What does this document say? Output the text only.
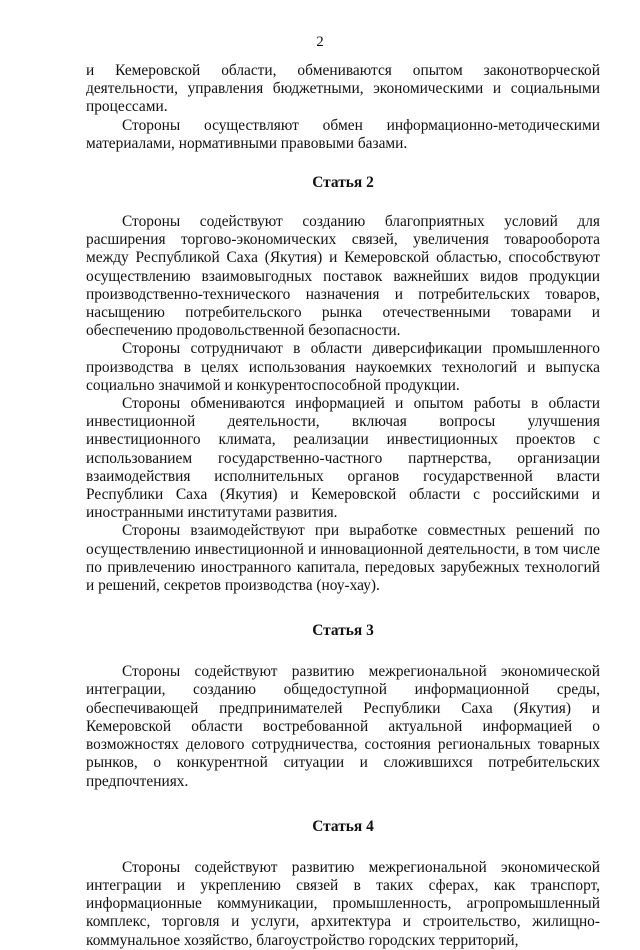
2

и Кемеровской области, обмениваются опытом законотворческой деятельности, управления бюджетными, экономическими и социальными процессами.

Стороны осуществляют обмен информационно-методическими материалами, нормативными правовыми базами.

Статья 2

Стороны содействуют созданию благоприятных условий для расширения торгово-экономических связей, увеличения товарооборота между Республикой Саха (Якутия) и Кемеровской областью, способствуют осуществлению взаимовыгодных поставок важнейших видов продукции производственно-технического назначения и потребительских товаров, насыщению потребительского рынка отечественными товарами и обеспечению продовольственной безопасности.

Стороны сотрудничают в области диверсификации промышленного производства в целях использования наукоемких технологий и выпуска социально значимой и конкурентоспособной продукции.

Стороны обмениваются информацией и опытом работы в области инвестиционной деятельности, включая вопросы улучшения инвестиционного климата, реализации инвестиционных проектов с использованием государственно-частного партнерства, организации взаимодействия исполнительных органов государственной власти Республики Саха (Якутия) и Кемеровской области с российскими и иностранными институтами развития.

Стороны взаимодействуют при выработке совместных решений по осуществлению инвестиционной и инновационной деятельности, в том числе по привлечению иностранного капитала, передовых зарубежных технологий и решений, секретов производства (ноу-хау).

Статья 3

Стороны содействуют развитию межрегиональной экономической интеграции, созданию общедоступной информационной среды, обеспечивающей предпринимателей Республики Саха (Якутия) и Кемеровской области востребованной актуальной информацией о возможностях делового сотрудничества, состояния региональных товарных рынков, о конкурентной ситуации и сложившихся потребительских предпочтениях.

Статья 4

Стороны содействуют развитию межрегиональной экономической интеграции и укреплению связей в таких сферах, как транспорт, информационные коммуникации, промышленность, агропромышленный комплекс, торговля и услуги, архитектура и строительство, жилищно-коммунальное хозяйство, благоустройство городских территорий,
